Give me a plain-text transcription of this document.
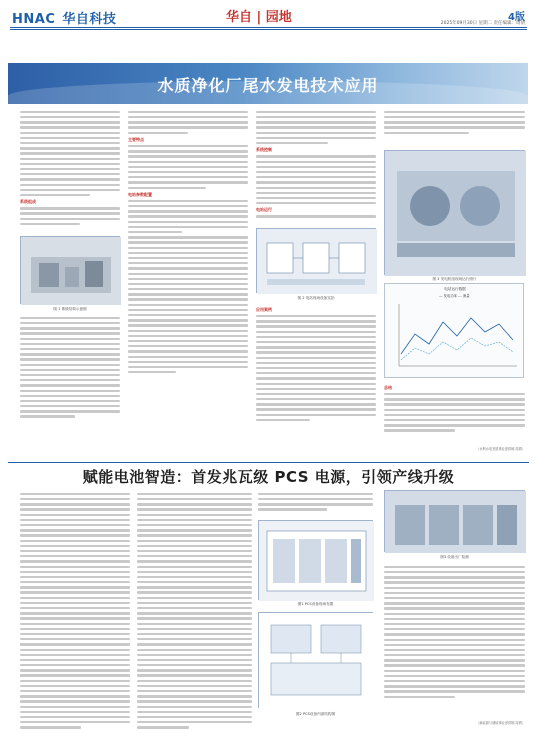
HNAC 华自科技	华自 | 园地	4版
2025年09月30日 星期二 责任编辑：周倩
水质净化厂尾水发电技术应用
系统组成
图 1 系统结构示意图
主要特点
电站参数配置
系统控制
电站运行
图 2 电站现场设备实拍
应用案例
图 3 发电机组现场运行照片
电站运行数据
— 发电功率 --- 流量
总结
（水利水电发展事业部供稿 周倩）
赋能电池智造：首发兆瓦级 PCS 电源，引领产线升级
图1 PCS设备现场布置
图2 PCS设备内部结构图
图3 设备出厂检测
（新能源与储能事业部供稿 周倩）
